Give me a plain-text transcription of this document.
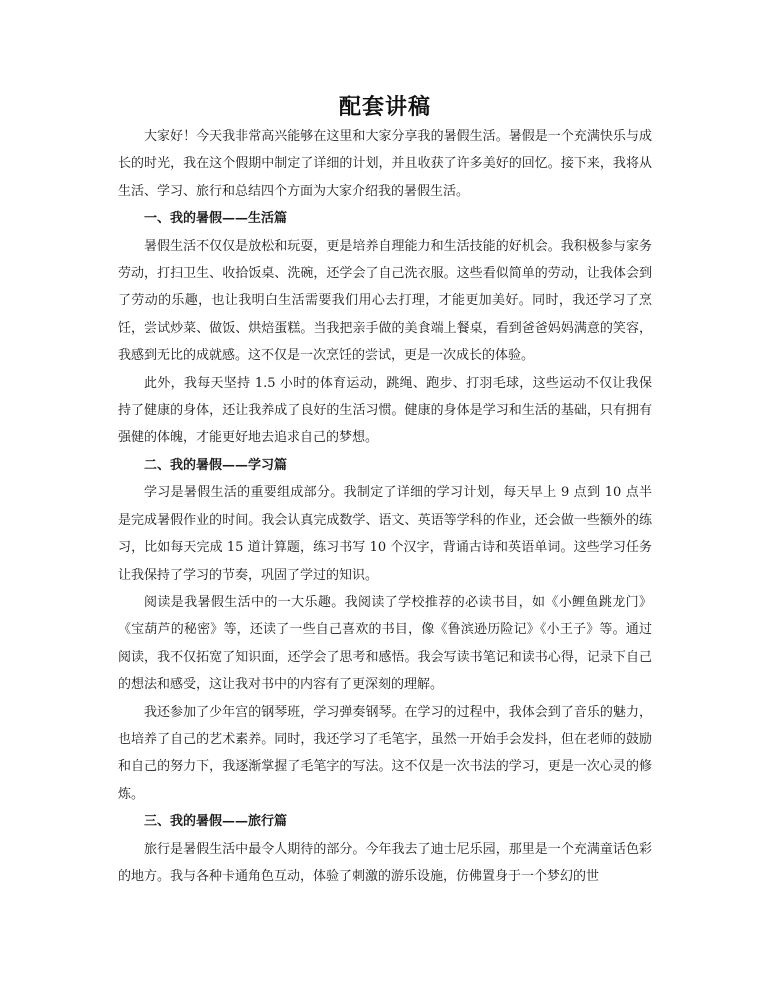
配套讲稿

大家好！今天我非常高兴能够在这里和大家分享我的暑假生活。暑假是一个充满快乐与成长的时光，我在这个假期中制定了详细的计划，并且收获了许多美好的回忆。接下来，我将从生活、学习、旅行和总结四个方面为大家介绍我的暑假生活。

一、我的暑假——生活篇

暑假生活不仅仅是放松和玩耍，更是培养自理能力和生活技能的好机会。我积极参与家务劳动，打扫卫生、收拾饭桌、洗碗，还学会了自己洗衣服。这些看似简单的劳动，让我体会到了劳动的乐趣，也让我明白生活需要我们用心去打理，才能更加美好。同时，我还学习了烹饪，尝试炒菜、做饭、烘焙蛋糕。当我把亲手做的美食端上餐桌，看到爸爸妈妈满意的笑容，我感到无比的成就感。这不仅是一次烹饪的尝试，更是一次成长的体验。

此外，我每天坚持 1.5 小时的体育运动，跳绳、跑步、打羽毛球，这些运动不仅让我保持了健康的身体，还让我养成了良好的生活习惯。健康的身体是学习和生活的基础，只有拥有强健的体魄，才能更好地去追求自己的梦想。

二、我的暑假——学习篇

学习是暑假生活的重要组成部分。我制定了详细的学习计划，每天早上 9 点到 10 点半是完成暑假作业的时间。我会认真完成数学、语文、英语等学科的作业，还会做一些额外的练习，比如每天完成 15 道计算题，练习书写 10 个汉字，背诵古诗和英语单词。这些学习任务让我保持了学习的节奏，巩固了学过的知识。

阅读是我暑假生活中的一大乐趣。我阅读了学校推荐的必读书目，如《小鲤鱼跳龙门》《宝葫芦的秘密》等，还读了一些自己喜欢的书目，像《鲁滨逊历险记》《小王子》等。通过阅读，我不仅拓宽了知识面，还学会了思考和感悟。我会写读书笔记和读书心得，记录下自己的想法和感受，这让我对书中的内容有了更深刻的理解。

我还参加了少年宫的钢琴班，学习弹奏钢琴。在学习的过程中，我体会到了音乐的魅力，也培养了自己的艺术素养。同时，我还学习了毛笔字，虽然一开始手会发抖，但在老师的鼓励和自己的努力下，我逐渐掌握了毛笔字的写法。这不仅是一次书法的学习，更是一次心灵的修炼。

三、我的暑假——旅行篇

旅行是暑假生活中最令人期待的部分。今年我去了迪士尼乐园，那里是一个充满童话色彩的地方。我与各种卡通角色互动，体验了刺激的游乐设施，仿佛置身于一个梦幻的世
